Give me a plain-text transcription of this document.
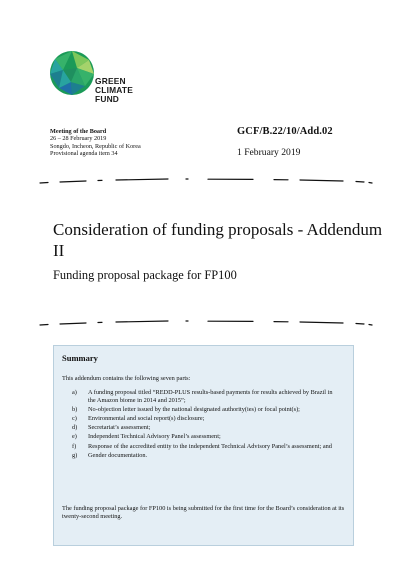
GREEN
CLIMATE
FUND
Meeting of the Board
26 – 28 February 2019
Songdo, Incheon, Republic of Korea
Provisional agenda item 34
GCF/B.22/10/Add.02
1 February 2019
Consideration of funding proposals - Addendum II
Funding proposal package for FP100
Summary
This addendum contains the following seven parts:
a) A funding proposal titled “REDD-PLUS results-based payments for results achieved by Brazil in the Amazon biome in 2014 and 2015”;
b) No-objection letter issued by the national designated authority(ies) or focal point(s);
c) Environmental and social report(s) disclosure;
d) Secretariat’s assessment;
e) Independent Technical Advisory Panel’s assessment;
f) Response of the accredited entity to the independent Technical Advisory Panel’s assessment; and
g) Gender documentation.
The funding proposal package for FP100 is being submitted for the first time for the Board’s consideration at its twenty-second meeting.
